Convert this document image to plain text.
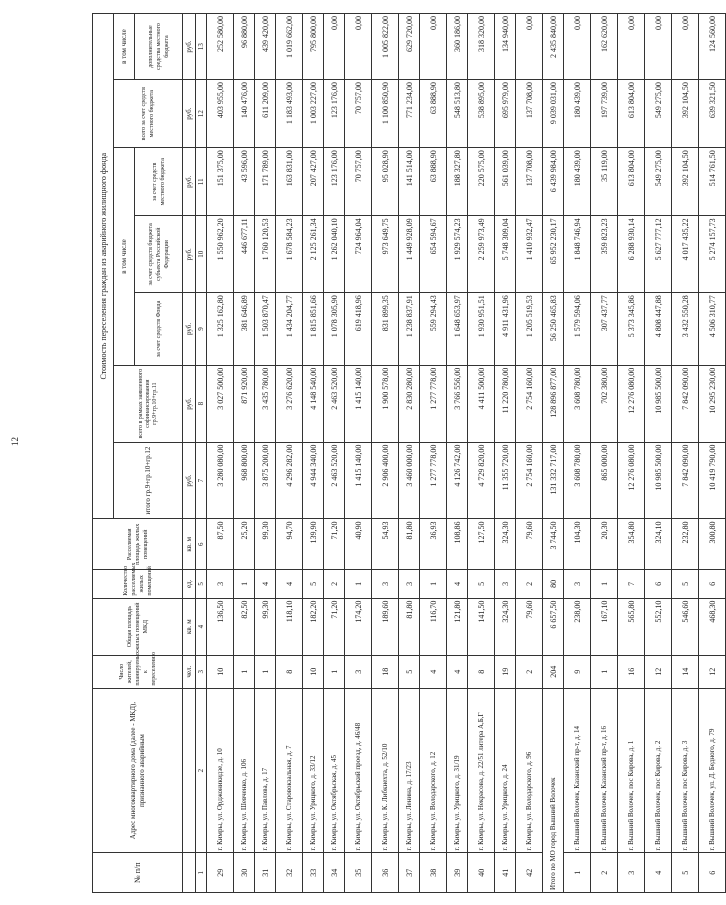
12
№ п/п	Адрес многоквартирного дома (далее - МКД), признанного аварийным	Число жителей, планируемых к переселению	Общая площадь жилых помещений МКД	Количество расселяемых жилых помещений	Расселяемая площадь жилых помещений	Стоимость переселения граждан из аварийного жилищного фонда						
						итого гр.9+гр.10+гр.12	всего в рамках заявленного софинансирования гр.9+гр.10+гр.11	в том числе			всего за счет средств местного бюджета	в том числе
								за счет средств Фонда	за счет средств бюджета субъекта Российской Федерации	за счет средств местного бюджета		дополнительные средства местного бюджета
		чел.	кв. м	ед.	кв. м	руб.	руб.	руб.	руб.	руб.	руб.	руб.
1	2	3	4	5	6	7	8	9	10	11	12	13
29	г. Кимры, ул. Орджоникидзе, д. 10	10	136,50	3	87,50	3 280 080,00	3 027 500,00	1 325 162,80	1 550 962,20	151 375,00	403 955,00	252 580,00
30	г. Кимры, ул. Шевченко, д. 106	1	82,50	1	25,20	968 800,00	871 920,00	381 646,89	446 677,11	43 596,00	140 476,00	96 880,00
31	г. Кимры, ул. Павлова, д. 17	1	99,30	4	99,30	3 875 200,00	3 435 780,00	1 503 870,47	1 760 120,53	171 789,00	611 209,00	439 420,00
32	г. Кимры, ул. Старовокзальная, д. 7	8	118,10	4	94,70	4 296 282,00	3 276 620,00	1 434 204,77	1 678 584,23	163 831,00	1 183 493,00	1 019 662,00
33	г. Кимры, ул. Урицкого, д. 33/12	10	182,20	5	139,90	4 944 340,00	4 148 540,00	1 815 851,66	2 125 261,34	207 427,00	1 003 227,00	795 800,00
34	г. Кимры, ул. Октябрьская, д. 45	1	71,20	2	71,20	2 463 520,00	2 463 520,00	1 078 305,90	1 262 040,10	123 176,00	123 176,00	0,00
35	г. Кимры, ул. Октябрьский проезд, д. 46/48	3	174,20	1	40,90	1 415 140,00	1 415 140,00	619 418,96	724 964,04	70 757,00	70 757,00	0,00
36	г. Кимры, ул. К. Либкнехта, д. 52/10	18	189,60	3	54,93	2 906 400,00	1 900 578,00	831 899,35	973 649,75	95 028,90	1 100 850,90	1 005 822,00
37	г. Кимры, ул. Ленина, д. 17/23	5	81,80	3	81,80	3 460 000,00	2 830 280,00	1 238 837,91	1 449 928,09	141 514,00	771 234,00	629 720,00
38	г. Кимры, ул. Володарского, д. 12	4	116,70	1	36,93	1 277 778,00	1 277 778,00	559 294,43	654 594,67	63 888,90	63 888,90	0,00
39	г. Кимры, ул. Урицкого, д. 31/19	4	121,80	4	108,86	4 126 742,00	3 766 556,00	1 648 653,97	1 929 574,23	188 327,80	548 513,80	360 186,00
40	г. Кимры, ул. Некрасова, д. 22/51 литера А,Б,Г	8	141,50	5	127,50	4 729 820,00	4 411 500,00	1 930 951,51	2 259 973,49	220 575,00	538 895,00	318 320,00
41	г. Кимры, ул. Урицкого, д. 24	19	324,30	3	324,30	11 355 720,00	11 220 780,00	4 911 431,96	5 748 309,04	561 039,00	695 979,00	134 940,00
42	г. Кимры, ул. Володарского, д. 96	2	79,60	2	79,60	2 754 160,00	2 754 160,00	1 205 519,53	1 410 932,47	137 708,00	137 708,00	0,00
Итого по МО город Вышний Волочек		204	6 657,50	80	3 744,50	131 332 717,00	128 896 877,00	56 250 465,83	65 952 230,17	6 439 984,00	9 039 031,00	2 435 840,00
1	г. Вышний Волочек, Казанский пр-т, д. 14	9	238,00	3	104,30	3 608 780,00	3 608 780,00	1 579 594,06	1 848 746,94	180 439,00	180 439,00	0,00
2	г. Вышний Волочек, Казанский пр-т, д. 16	1	167,10	1	20,30	865 000,00	702 380,00	307 437,77	359 823,23	35 119,00	197 739,00	162 620,00
3	г. Вышний Волочек, пос Кирова, д. 1	16	565,80	7	354,80	12 276 080,00	12 276 080,00	5 373 345,86	6 288 930,14	613 804,00	613 804,00	0,00
4	г. Вышний Волочек, пос Кирова, д. 2	12	552,10	6	324,10	10 985 500,00	10 985 500,00	4 808 447,88	5 627 777,12	549 275,00	549 275,00	0,00
5	г. Вышний Волочек, пос Кирова, д. 3	14	546,60	5	232,80	7 842 090,00	7 842 090,00	3 432 550,28	4 017 435,22	392 104,50	392 104,50	0,00
6	г. Вышний Волочек, ул. Д. Бедного, д. 79	12	468,30	6	300,80	10 419 790,00	10 295 230,00	4 506 310,77	5 274 157,73	514 761,50	639 321,50	124 560,00
